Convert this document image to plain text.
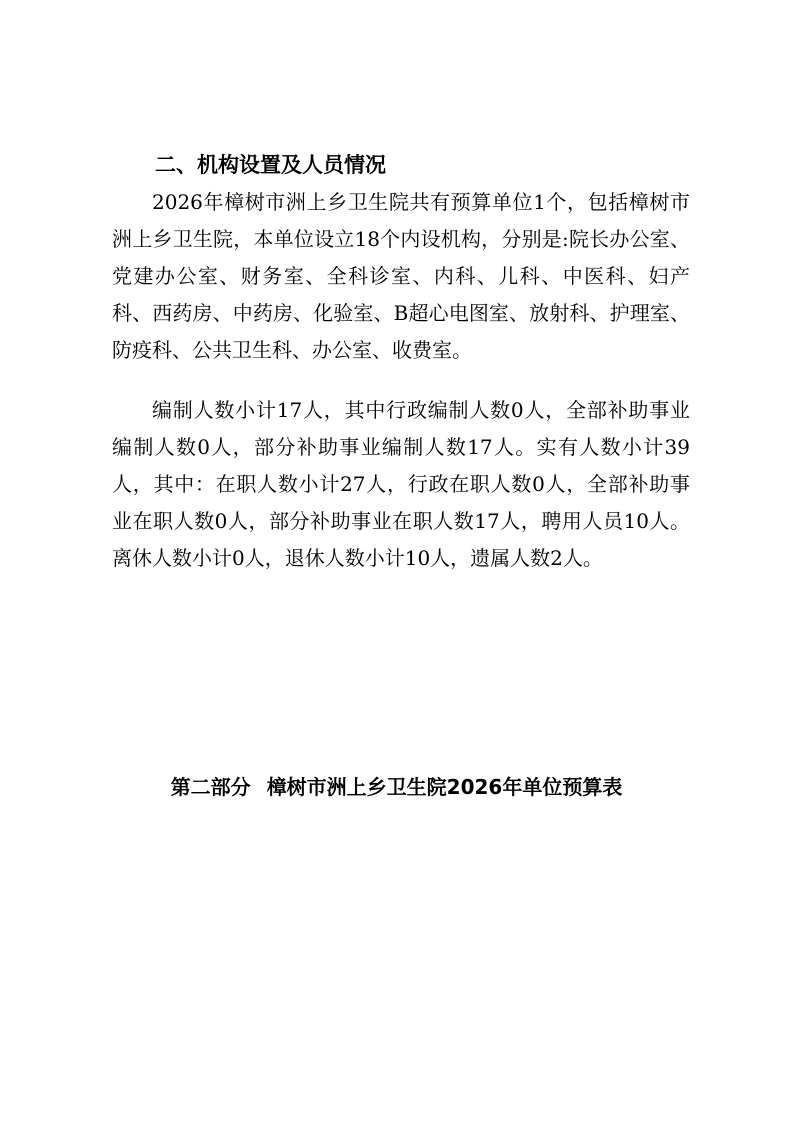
二、机构设置及人员情况

2026年樟树市洲上乡卫生院共有预算单位1个，包括樟树市洲上乡卫生院，本单位设立18个内设机构，分别是:院长办公室、党建办公室、财务室、全科诊室、内科、儿科、中医科、妇产科、西药房、中药房、化验室、B超心电图室、放射科、护理室、防疫科、公共卫生科、办公室、收费室。

编制人数小计17人，其中行政编制人数0人，全部补助事业编制人数0人，部分补助事业编制人数17人。实有人数小计39人，其中：在职人数小计27人，行政在职人数0人，全部补助事业在职人数0人，部分补助事业在职人数17人，聘用人员10人。离休人数小计0人，退休人数小计10人，遗属人数2人。

第二部分 樟树市洲上乡卫生院2026年单位预算表
